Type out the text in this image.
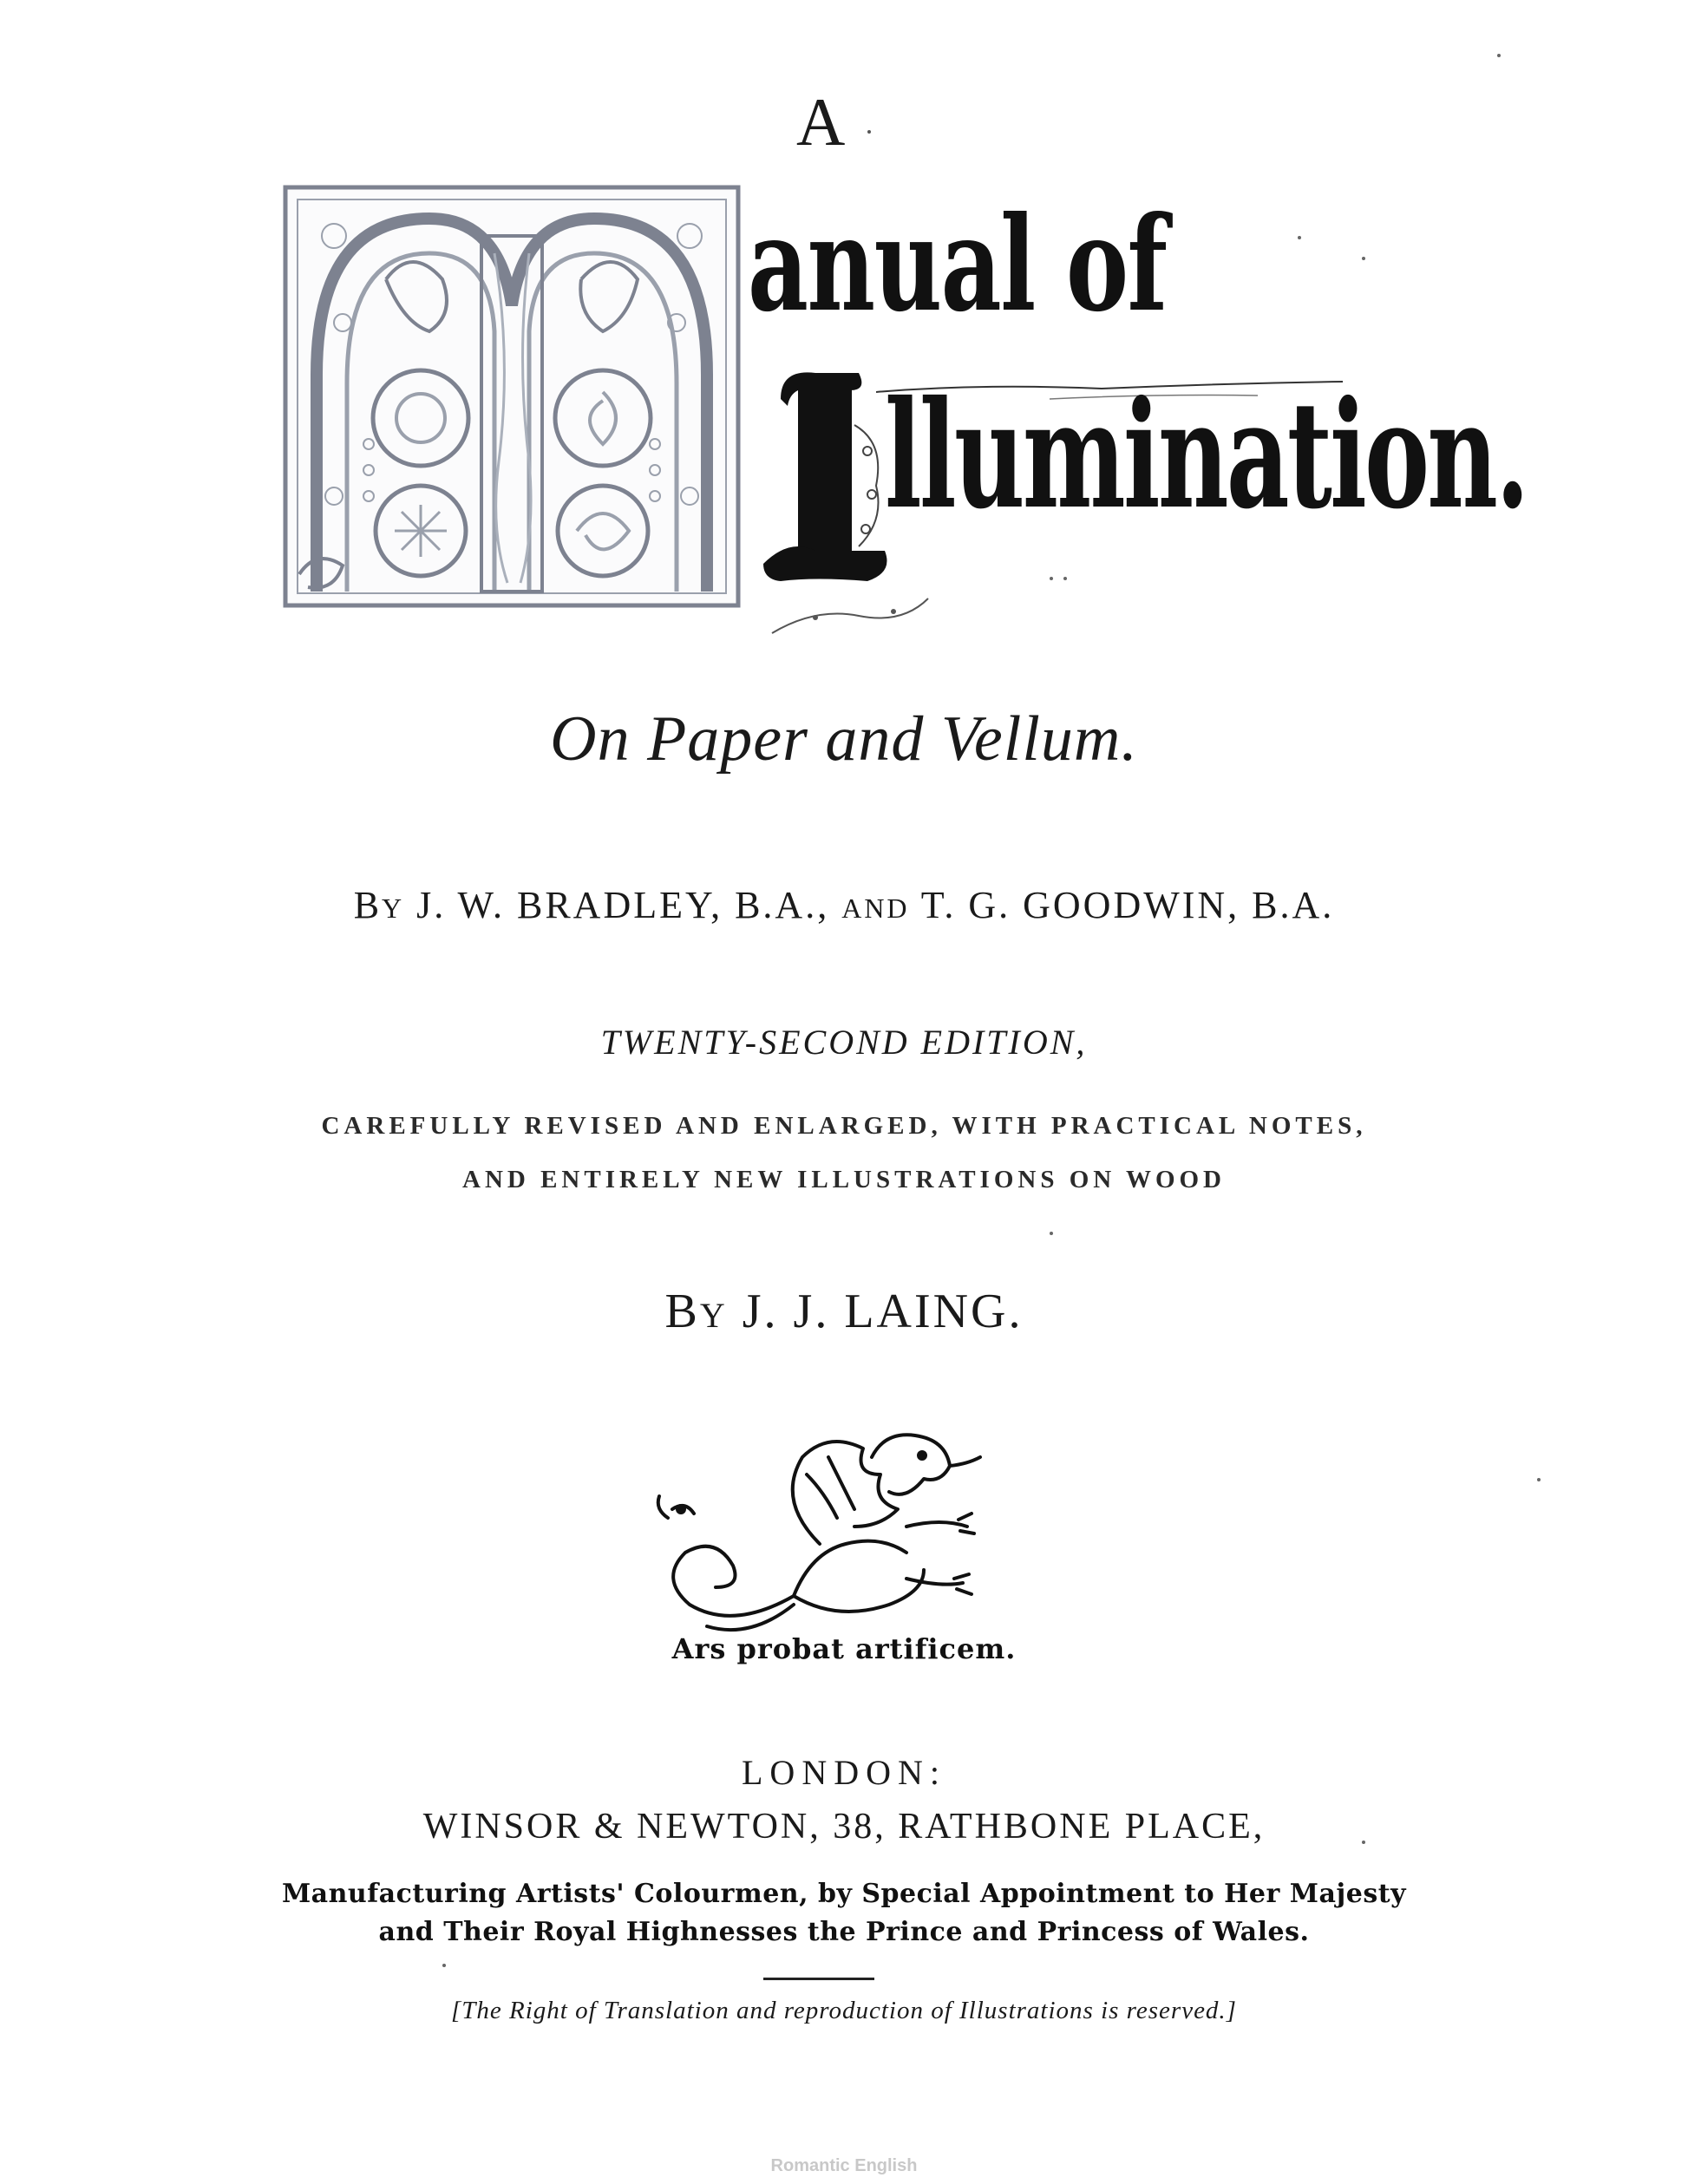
A
anual of
llumination.
On Paper and Vellum.
BY J. W. BRADLEY, B.A., AND T. G. GOODWIN, B.A.
TWENTY-SECOND EDITION,
CAREFULLY REVISED AND ENLARGED, WITH PRACTICAL NOTES,
AND ENTIRELY NEW ILLUSTRATIONS ON WOOD
BY J. J. LAING.
Ars probat artificem.
LONDON:
WINSOR & NEWTON, 38, RATHBONE PLACE,
Manufacturing Artists' Colourmen, by Special Appointment to Her Majesty
and Their Royal Highnesses the Prince and Princess of Wales.
[The Right of Translation and reproduction of Illustrations is reserved.]
Romantic English
